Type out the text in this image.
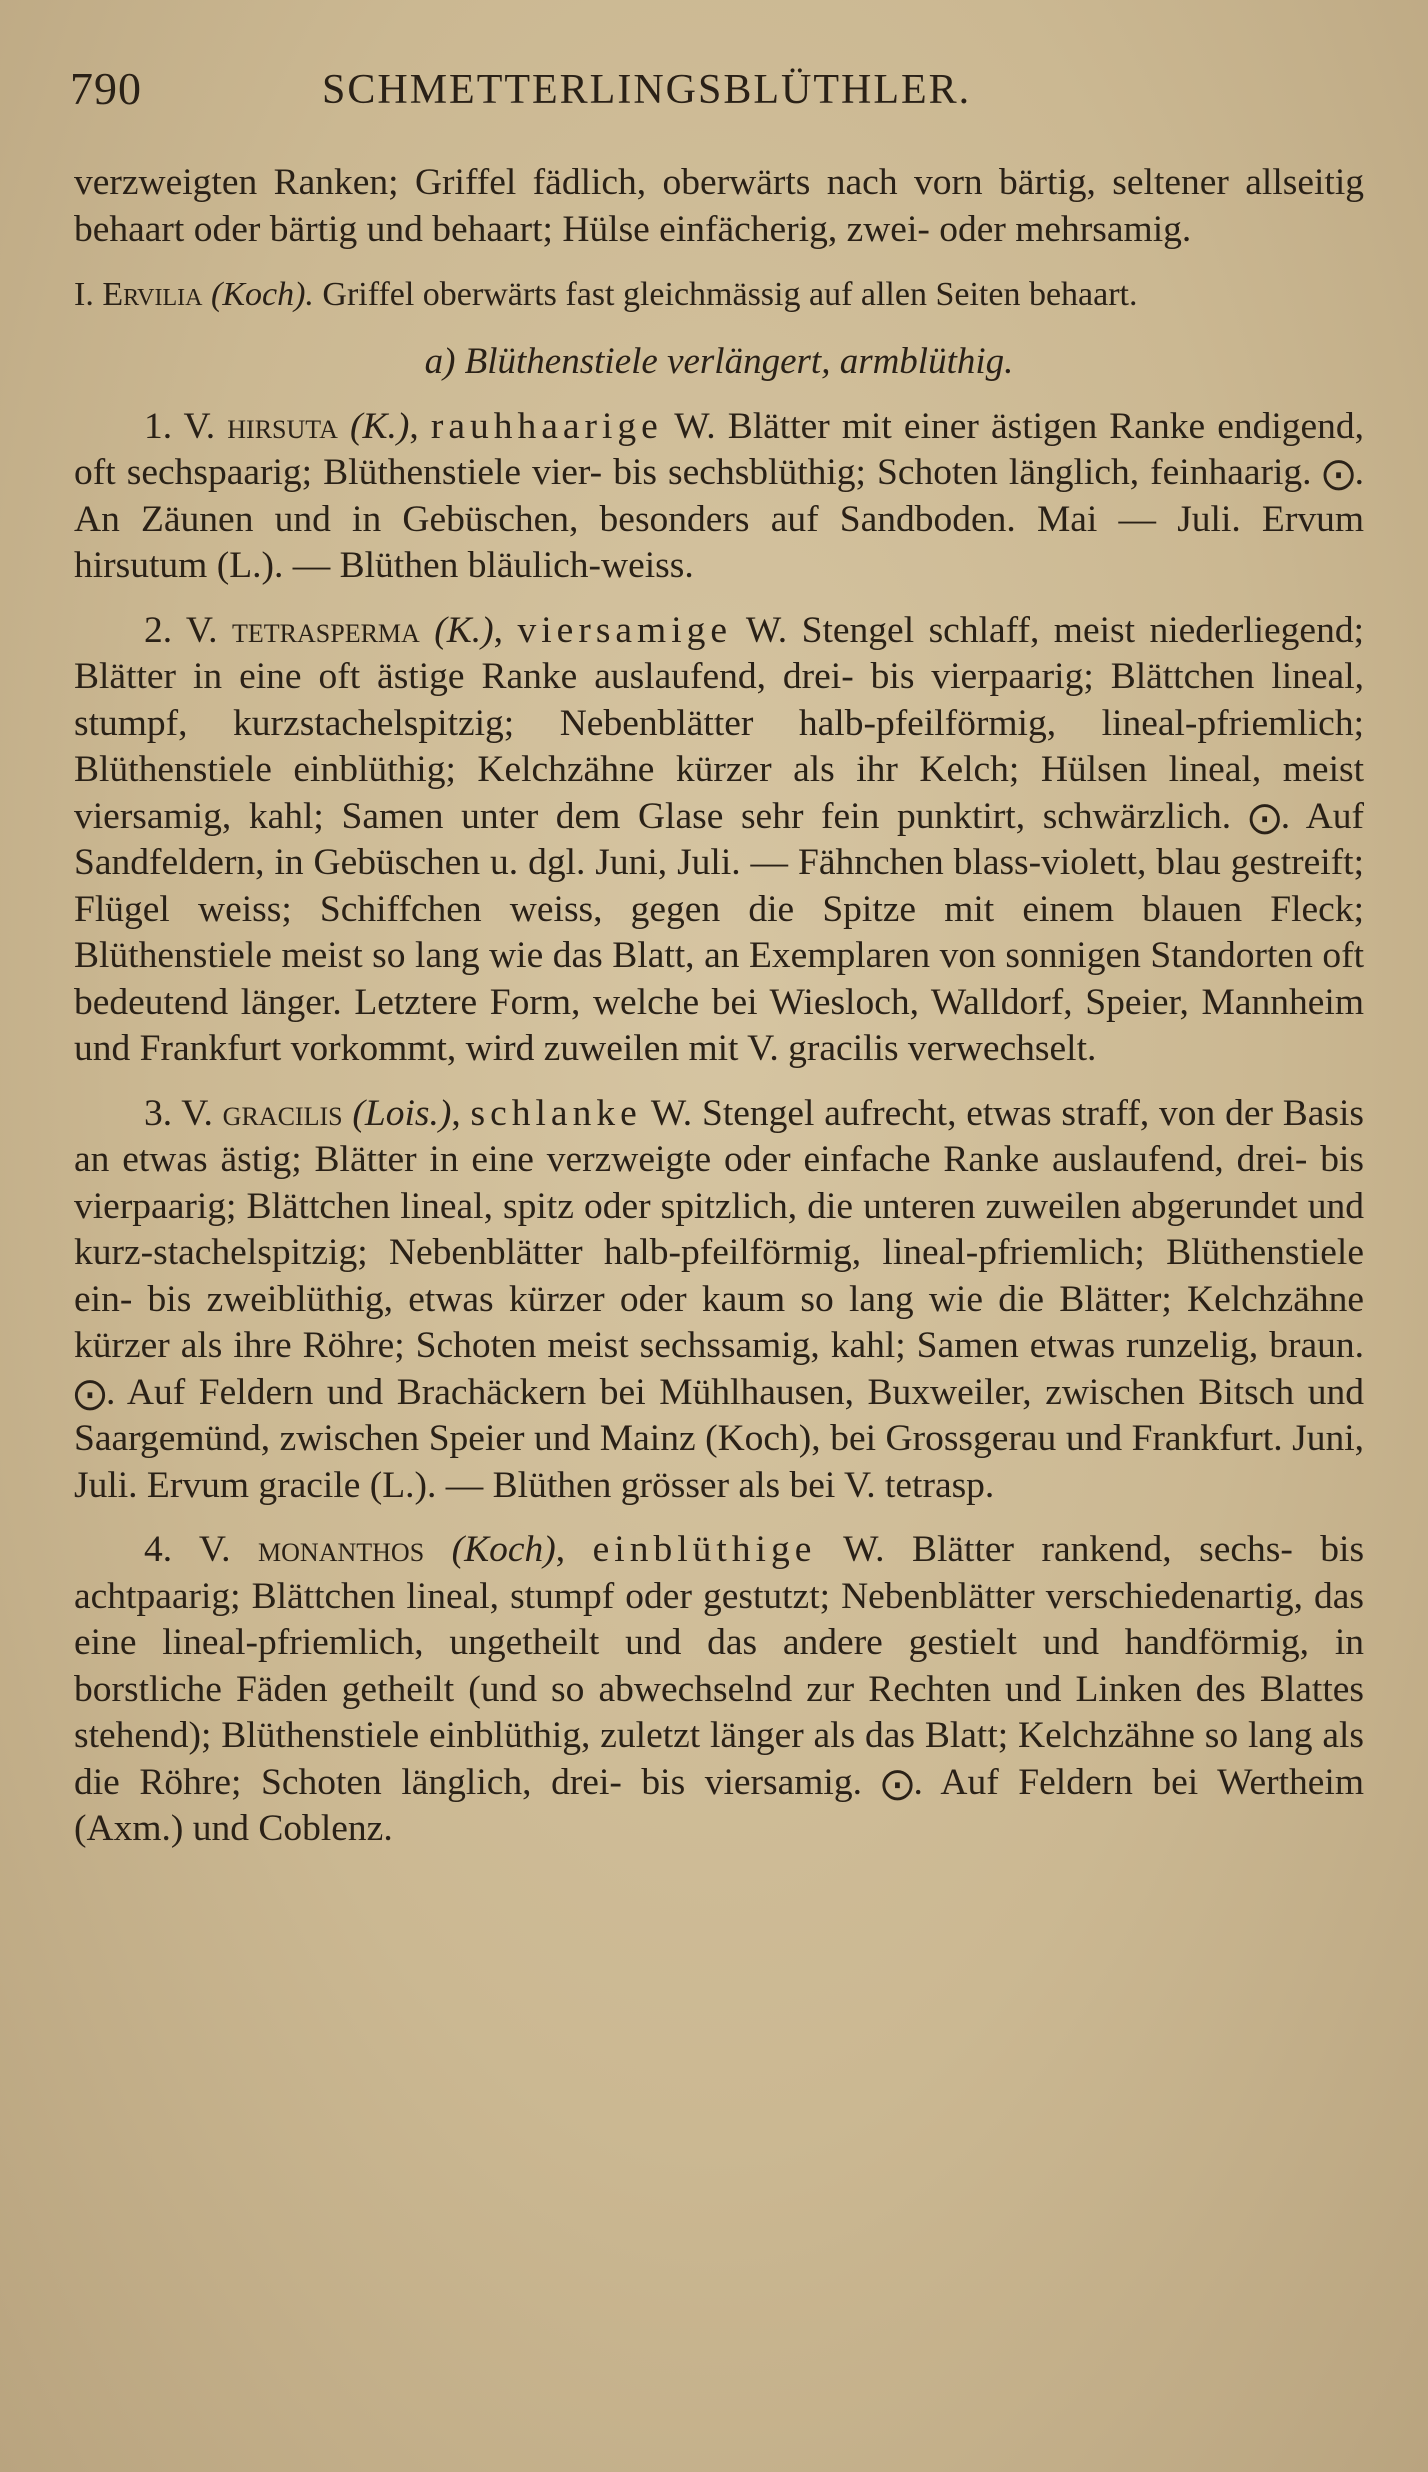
790	SCHMETTERLINGSBLÜTHLER.

verzweigten Ranken; Griffel fädlich, oberwärts nach vorn bärtig, seltener allseitig behaart oder bärtig und behaart; Hülse einfächerig, zwei- oder mehrsamig.

I. Ervilia (Koch). Griffel oberwärts fast gleichmässig auf allen Seiten behaart.

a) Blüthenstiele verlängert, armblüthig.

1. V. hirsuta (K.), rauhhaarige W. Blätter mit einer ästigen Ranke endigend, oft sechspaarig; Blüthenstiele vier- bis sechsblüthig; Schoten länglich, feinhaarig. ⨀. An Zäunen und in Gebüschen, besonders auf Sandboden. Mai — Juli. Ervum hirsutum (L.). — Blüthen bläulich-weiss.

2. V. tetrasperma (K.), viersamige W. Stengel schlaff, meist niederliegend; Blätter in eine oft ästige Ranke auslaufend, drei- bis vierpaarig; Blättchen lineal, stumpf, kurzstachelspitzig; Nebenblätter halb-pfeilförmig, lineal-pfriemlich; Blüthenstiele einblüthig; Kelchzähne kürzer als ihr Kelch; Hülsen lineal, meist viersamig, kahl; Samen unter dem Glase sehr fein punktirt, schwärzlich. ⨀. Auf Sandfeldern, in Gebüschen u. dgl. Juni, Juli. — Fähnchen blass-violett, blau gestreift; Flügel weiss; Schiffchen weiss, gegen die Spitze mit einem blauen Fleck; Blüthenstiele meist so lang wie das Blatt, an Exemplaren von sonnigen Standorten oft bedeutend länger. Letztere Form, welche bei Wiesloch, Walldorf, Speier, Mannheim und Frankfurt vorkommt, wird zuweilen mit V. gracilis verwechselt.

3. V. gracilis (Lois.), schlanke W. Stengel aufrecht, etwas straff, von der Basis an etwas ästig; Blätter in eine verzweigte oder einfache Ranke auslaufend, drei- bis vierpaarig; Blättchen lineal, spitz oder spitzlich, die unteren zuweilen abgerundet und kurz-stachelspitzig; Nebenblätter halb-pfeilförmig, lineal-pfriemlich; Blüthenstiele ein- bis zweiblüthig, etwas kürzer oder kaum so lang wie die Blätter; Kelchzähne kürzer als ihre Röhre; Schoten meist sechssamig, kahl; Samen etwas runzelig, braun. ⨀. Auf Feldern und Brachäckern bei Mühlhausen, Buxweiler, zwischen Bitsch und Saargemünd, zwischen Speier und Mainz (Koch), bei Grossgerau und Frankfurt. Juni, Juli. Ervum gracile (L.). — Blüthen grösser als bei V. tetrasp.

4. V. monanthos (Koch), einblüthige W. Blätter rankend, sechs- bis achtpaarig; Blättchen lineal, stumpf oder gestutzt; Nebenblätter verschiedenartig, das eine lineal-pfriemlich, ungetheilt und das andere gestielt und handförmig, in borstliche Fäden getheilt (und so abwechselnd zur Rechten und Linken des Blattes stehend); Blüthenstiele einblüthig, zuletzt länger als das Blatt; Kelchzähne so lang als die Röhre; Schoten länglich, drei- bis viersamig. ⨀. Auf Feldern bei Wertheim (Axm.) und Coblenz.
